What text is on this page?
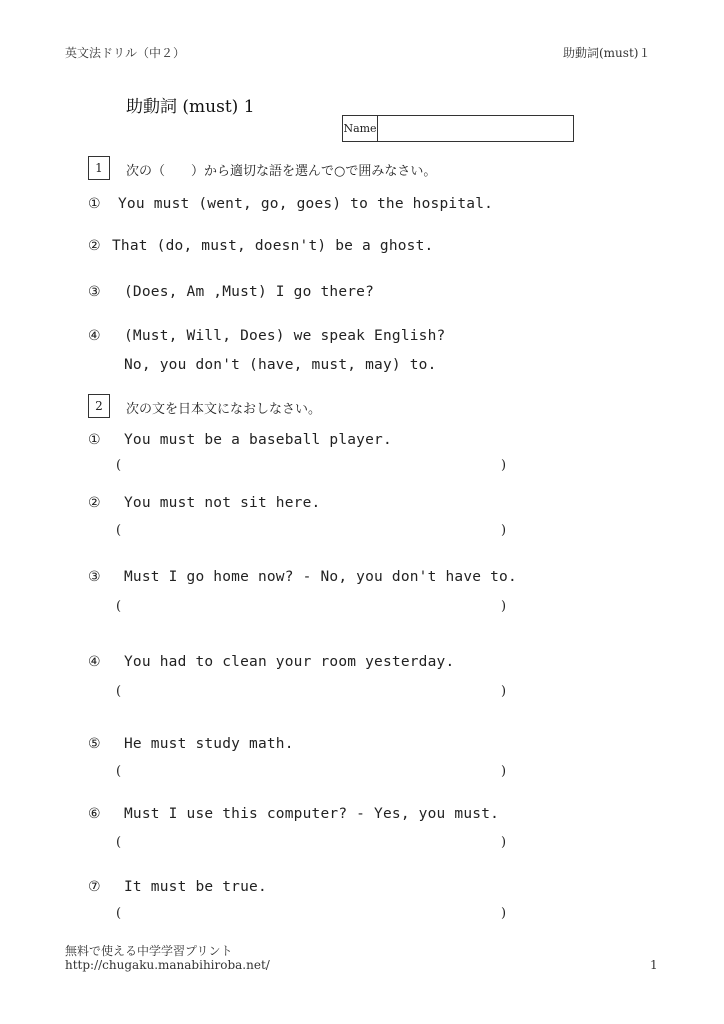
英文法ドリル（中２）	助動詞(must)１
助動詞 (must) 1
Name
1	次の（　　）から適切な語を選んで○で囲みなさい。
① You must (went, go, goes) to the hospital.
② That (do, must, doesn't) be a ghost.
③ (Does, Am ,Must) I go there?
④ (Must, Will, Does) we speak English?
No, you don't (have, must, may) to.
2	次の文を日本文になおしなさい。
① You must be a baseball player.
(	)
② You must not sit here.
(	)
③ Must I go home now? - No, you don't have to.
(	)
④ You had to clean your room yesterday.
(	)
⑤ He must study math.
(	)
⑥ Must I use this computer? - Yes, you must.
(	)
⑦ It must be true.
(	)
無料で使える中学学習プリント
http://chugaku.manabihiroba.net/	1
